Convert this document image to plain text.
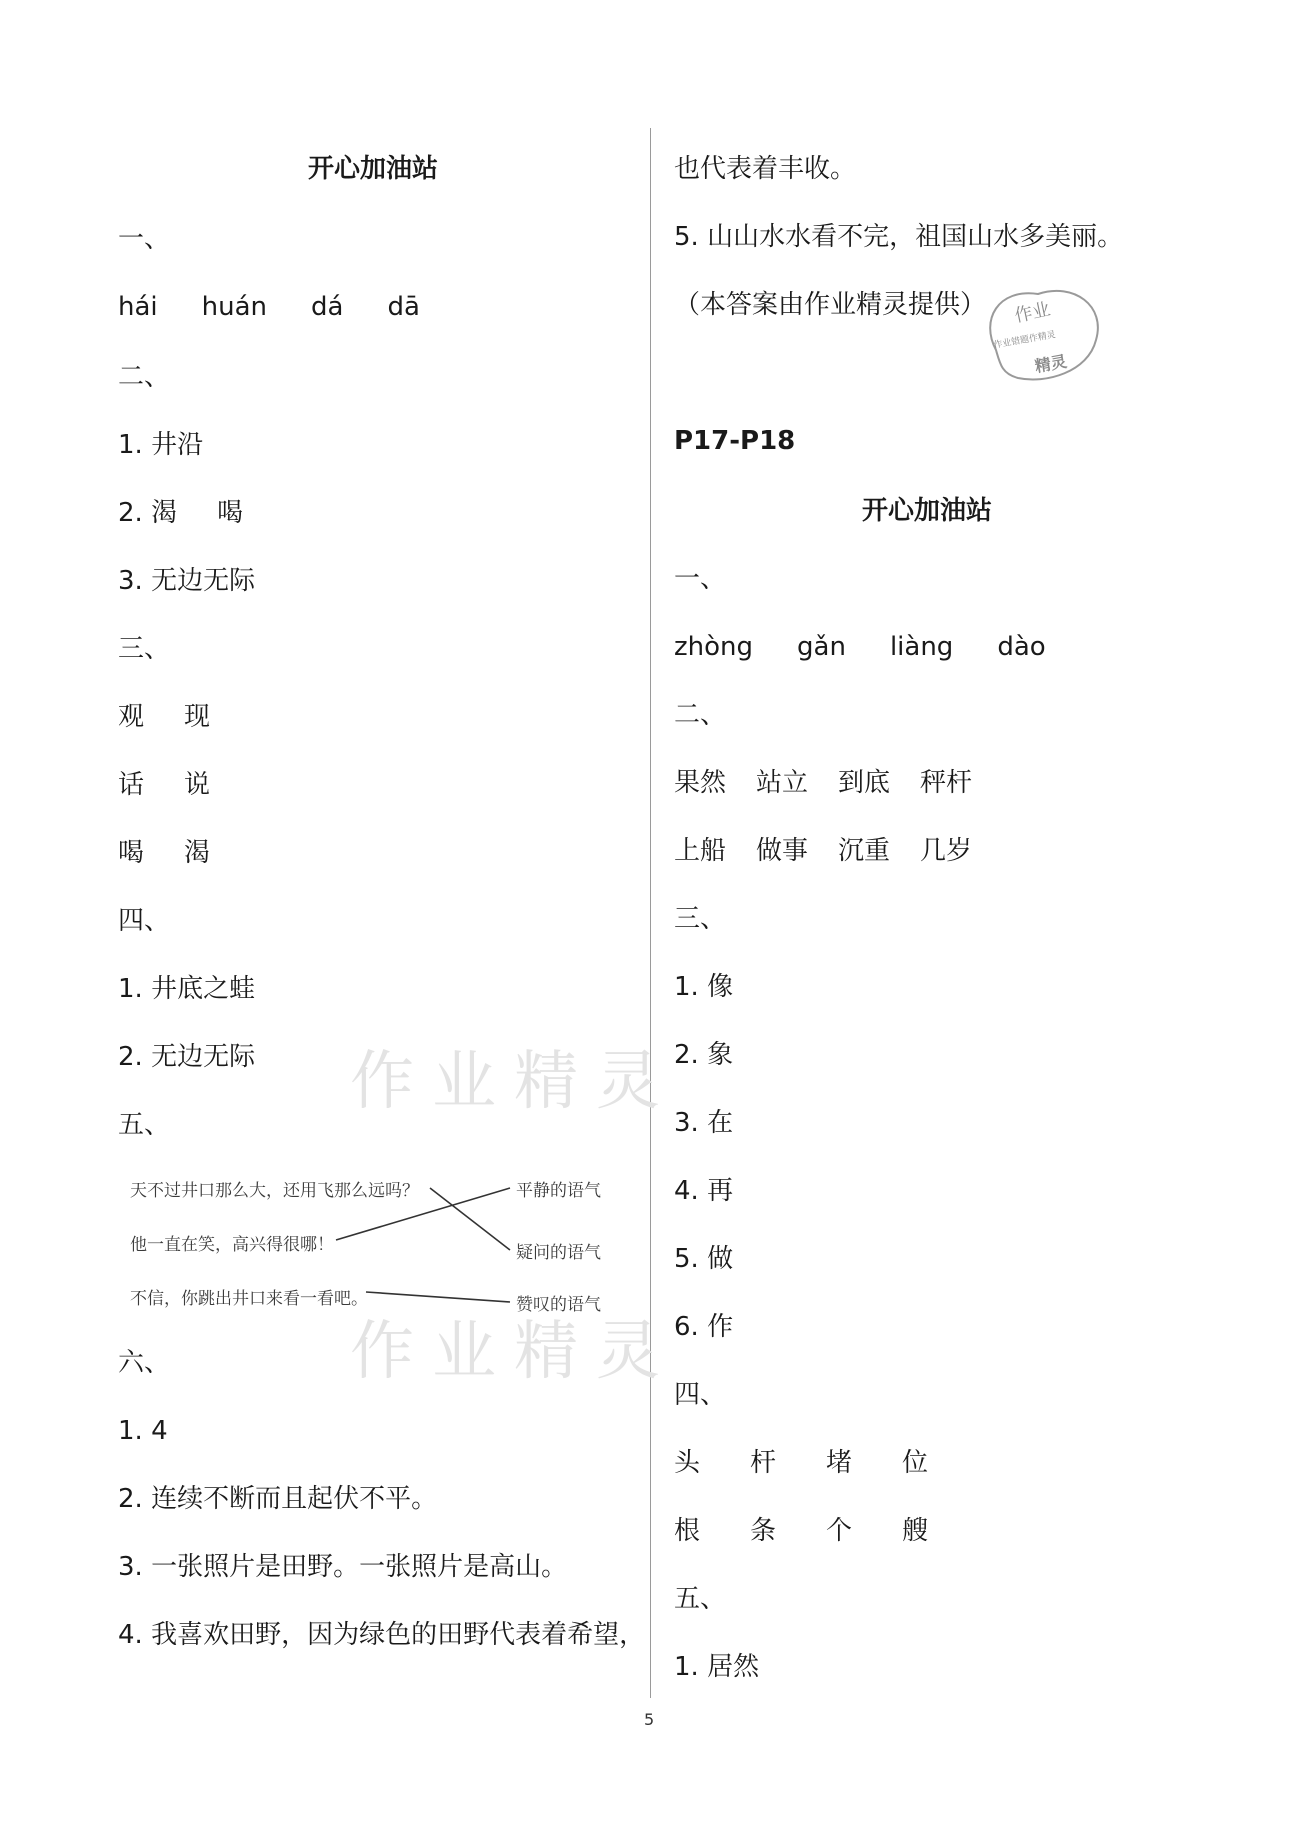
开心加油站
一、
hái huán dá dā
二、
1. 井沿
2. 渴 喝
3. 无边无际
三、
观 现
话 说
喝 渴
四、
1. 井底之蛙
2. 无边无际
五、
六、
1. 4
2. 连续不断而且起伏不平。
3. 一张照片是田野。一张照片是高山。
4. 我喜欢田野，因为绿色的田野代表着希望，
天不过井口那么大，还用飞那么远吗？
他一直在笑，高兴得很哪！
不信，你跳出井口来看一看吧。
平静的语气
疑问的语气
赞叹的语气
作业精灵
作业精灵
也代表着丰收。
5. 山山水水看不完，祖国山水多美丽。
（本答案由作业精灵提供）
P17-P18
开心加油站
一、
zhòng gǎn liàng dào
二、
果然 站立 到底 秤杆
上船 做事 沉重 几岁
三、
1. 像
2. 象
3. 在
4. 再
5. 做
6. 作
四、
头 杆 堵 位
根 条 个 艘
五、
1. 居然
作业
作业错题作精灵
精灵
5
